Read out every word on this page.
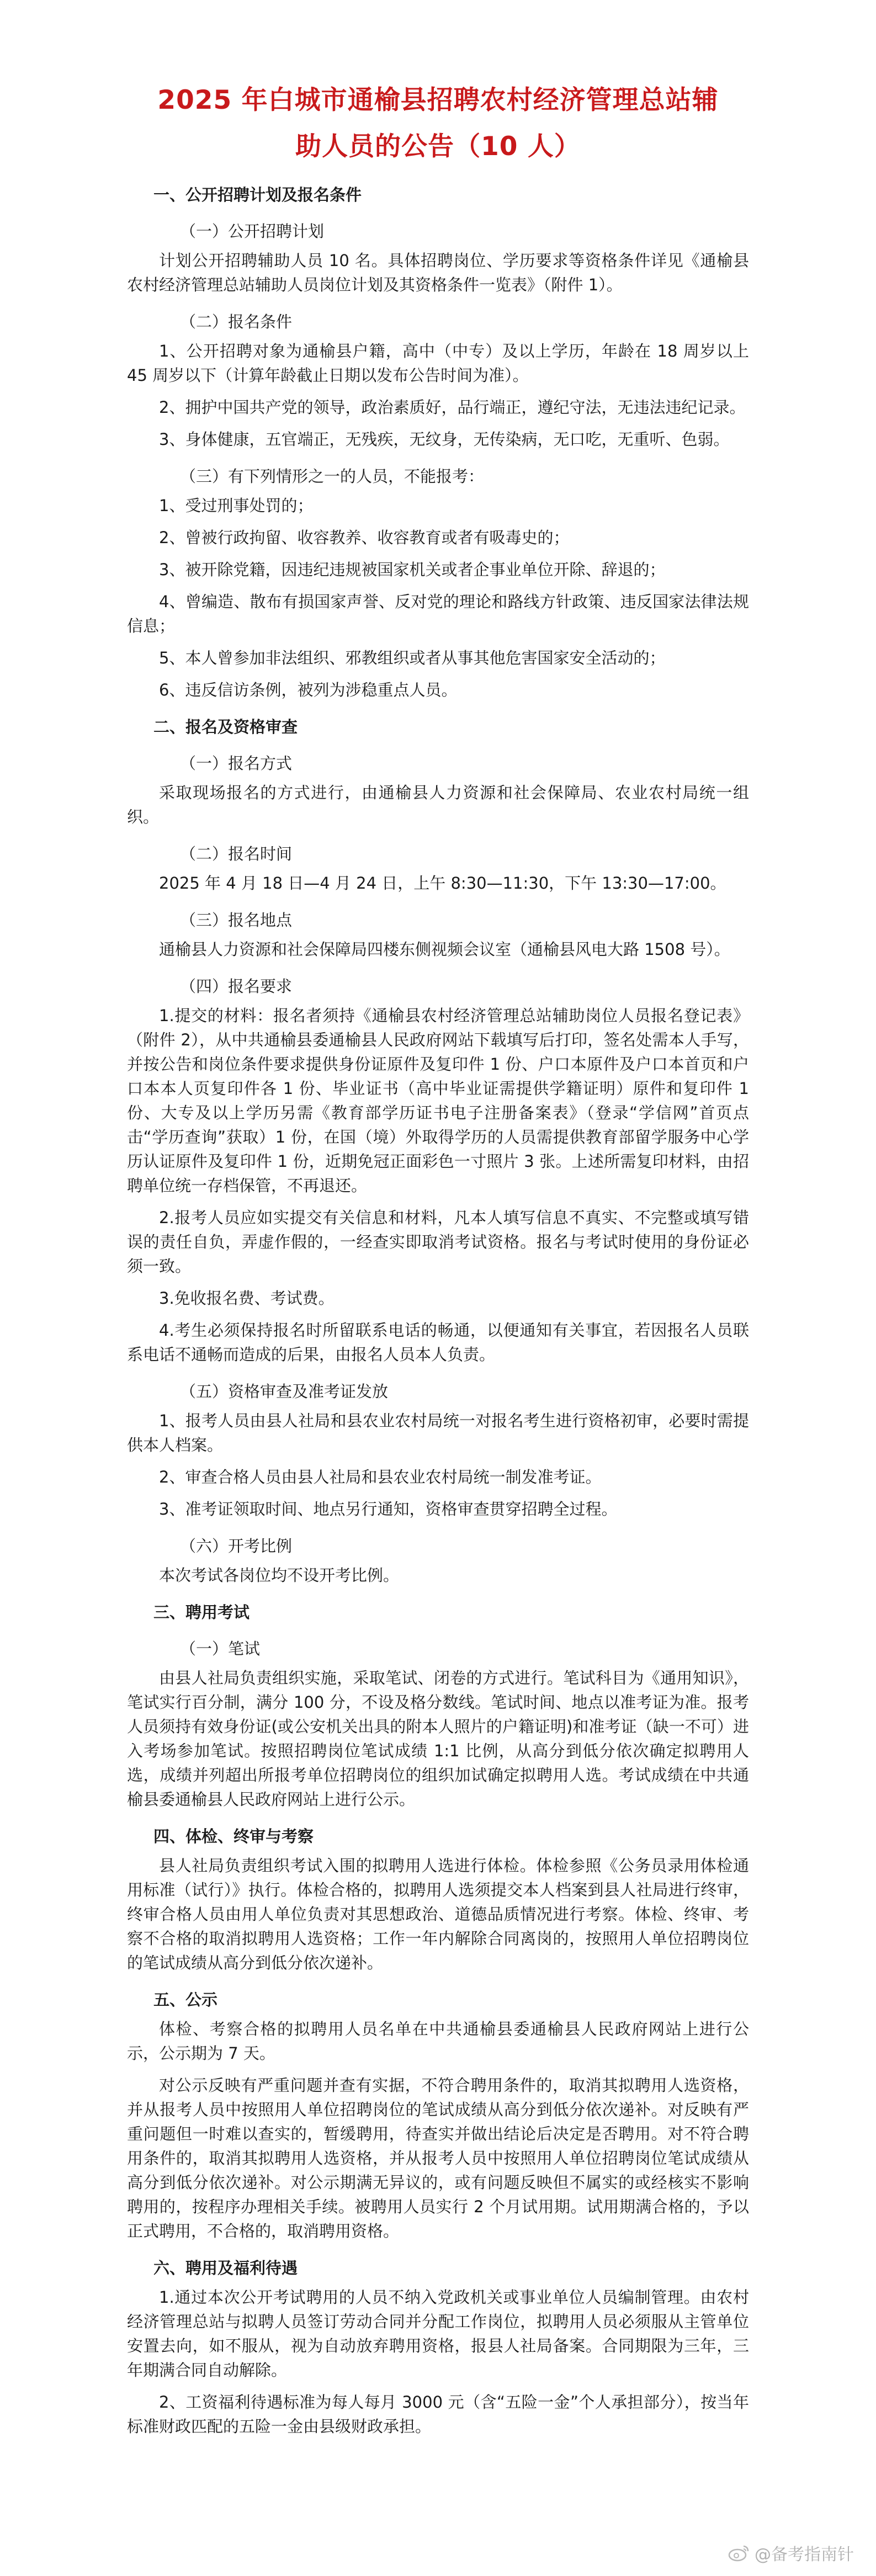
2025 年白城市通榆县招聘农村经济管理总站辅
助人员的公告（10 人）
一、公开招聘计划及报名条件
（一）公开招聘计划
计划公开招聘辅助人员 10 名。具体招聘岗位、学历要求等资格条件详见《通榆县农村经济管理总站辅助人员岗位计划及其资格条件一览表》（附件 1）。
（二）报名条件
1、公开招聘对象为通榆县户籍，高中（中专）及以上学历，年龄在 18 周岁以上 45 周岁以下（计算年龄截止日期以发布公告时间为准）。
2、拥护中国共产党的领导，政治素质好，品行端正，遵纪守法，无违法违纪记录。
3、身体健康，五官端正，无残疾，无纹身，无传染病，无口吃，无重听、色弱。
（三）有下列情形之一的人员，不能报考：
1、受过刑事处罚的；
2、曾被行政拘留、收容教养、收容教育或者有吸毒史的；
3、被开除党籍，因违纪违规被国家机关或者企事业单位开除、辞退的；
4、曾编造、散布有损国家声誉、反对党的理论和路线方针政策、违反国家法律法规信息；
5、本人曾参加非法组织、邪教组织或者从事其他危害国家安全活动的；
6、违反信访条例，被列为涉稳重点人员。
二、报名及资格审查
（一）报名方式
采取现场报名的方式进行，由通榆县人力资源和社会保障局、农业农村局统一组织。
（二）报名时间
2025 年 4 月 18 日—4 月 24 日，上午 8:30—11:30，下午 13:30—17:00。
（三）报名地点
通榆县人力资源和社会保障局四楼东侧视频会议室（通榆县风电大路 1508 号）。
（四）报名要求
1.提交的材料：报名者须持《通榆县农村经济管理总站辅助岗位人员报名登记表》（附件 2），从中共通榆县委通榆县人民政府网站下载填写后打印，签名处需本人手写，并按公告和岗位条件要求提供身份证原件及复印件 1 份、户口本原件及户口本首页和户口本本人页复印件各 1 份、毕业证书（高中毕业证需提供学籍证明）原件和复印件 1 份、大专及以上学历另需《教育部学历证书电子注册备案表》（登录“学信网”首页点击“学历查询”获取）1 份，在国（境）外取得学历的人员需提供教育部留学服务中心学历认证原件及复印件 1 份，近期免冠正面彩色一寸照片 3 张。上述所需复印材料，由招聘单位统一存档保管，不再退还。
2.报考人员应如实提交有关信息和材料，凡本人填写信息不真实、不完整或填写错误的责任自负，弄虚作假的，一经查实即取消考试资格。报名与考试时使用的身份证必须一致。
3.免收报名费、考试费。
4.考生必须保持报名时所留联系电话的畅通，以便通知有关事宜，若因报名人员联系电话不通畅而造成的后果，由报名人员本人负责。
（五）资格审查及准考证发放
1、报考人员由县人社局和县农业农村局统一对报名考生进行资格初审，必要时需提供本人档案。
2、审查合格人员由县人社局和县农业农村局统一制发准考证。
3、准考证领取时间、地点另行通知，资格审查贯穿招聘全过程。
（六）开考比例
本次考试各岗位均不设开考比例。
三、聘用考试
（一）笔试
由县人社局负责组织实施，采取笔试、闭卷的方式进行。笔试科目为《通用知识》，笔试实行百分制，满分 100 分，不设及格分数线。笔试时间、地点以准考证为准。报考人员须持有效身份证(或公安机关出具的附本人照片的户籍证明)和准考证（缺一不可）进入考场参加笔试。按照招聘岗位笔试成绩 1:1 比例，从高分到低分依次确定拟聘用人选，成绩并列超出所报考单位招聘岗位的组织加试确定拟聘用人选。考试成绩在中共通榆县委通榆县人民政府网站上进行公示。
四、体检、终审与考察
县人社局负责组织考试入围的拟聘用人选进行体检。体检参照《公务员录用体检通用标准（试行）》执行。体检合格的，拟聘用人选须提交本人档案到县人社局进行终审，终审合格人员由用人单位负责对其思想政治、道德品质情况进行考察。体检、终审、考察不合格的取消拟聘用人选资格；工作一年内解除合同离岗的，按照用人单位招聘岗位的笔试成绩从高分到低分依次递补。
五、公示
体检、考察合格的拟聘用人员名单在中共通榆县委通榆县人民政府网站上进行公示，公示期为 7 天。
对公示反映有严重问题并查有实据，不符合聘用条件的，取消其拟聘用人选资格，并从报考人员中按照用人单位招聘岗位的笔试成绩从高分到低分依次递补。对反映有严重问题但一时难以查实的，暂缓聘用，待查实并做出结论后决定是否聘用。对不符合聘用条件的，取消其拟聘用人选资格，并从报考人员中按照用人单位招聘岗位笔试成绩从高分到低分依次递补。对公示期满无异议的，或有问题反映但不属实的或经核实不影响聘用的，按程序办理相关手续。被聘用人员实行 2 个月试用期。试用期满合格的，予以正式聘用，不合格的，取消聘用资格。
六、聘用及福利待遇
1.通过本次公开考试聘用的人员不纳入党政机关或事业单位人员编制管理。由农村经济管理总站与拟聘人员签订劳动合同并分配工作岗位，拟聘用人员必须服从主管单位安置去向，如不服从，视为自动放弃聘用资格，报县人社局备案。合同期限为三年，三年期满合同自动解除。
2、工资福利待遇标准为每人每月 3000 元（含“五险一金”个人承担部分），按当年标准财政匹配的五险一金由县级财政承担。
@备考指南针
